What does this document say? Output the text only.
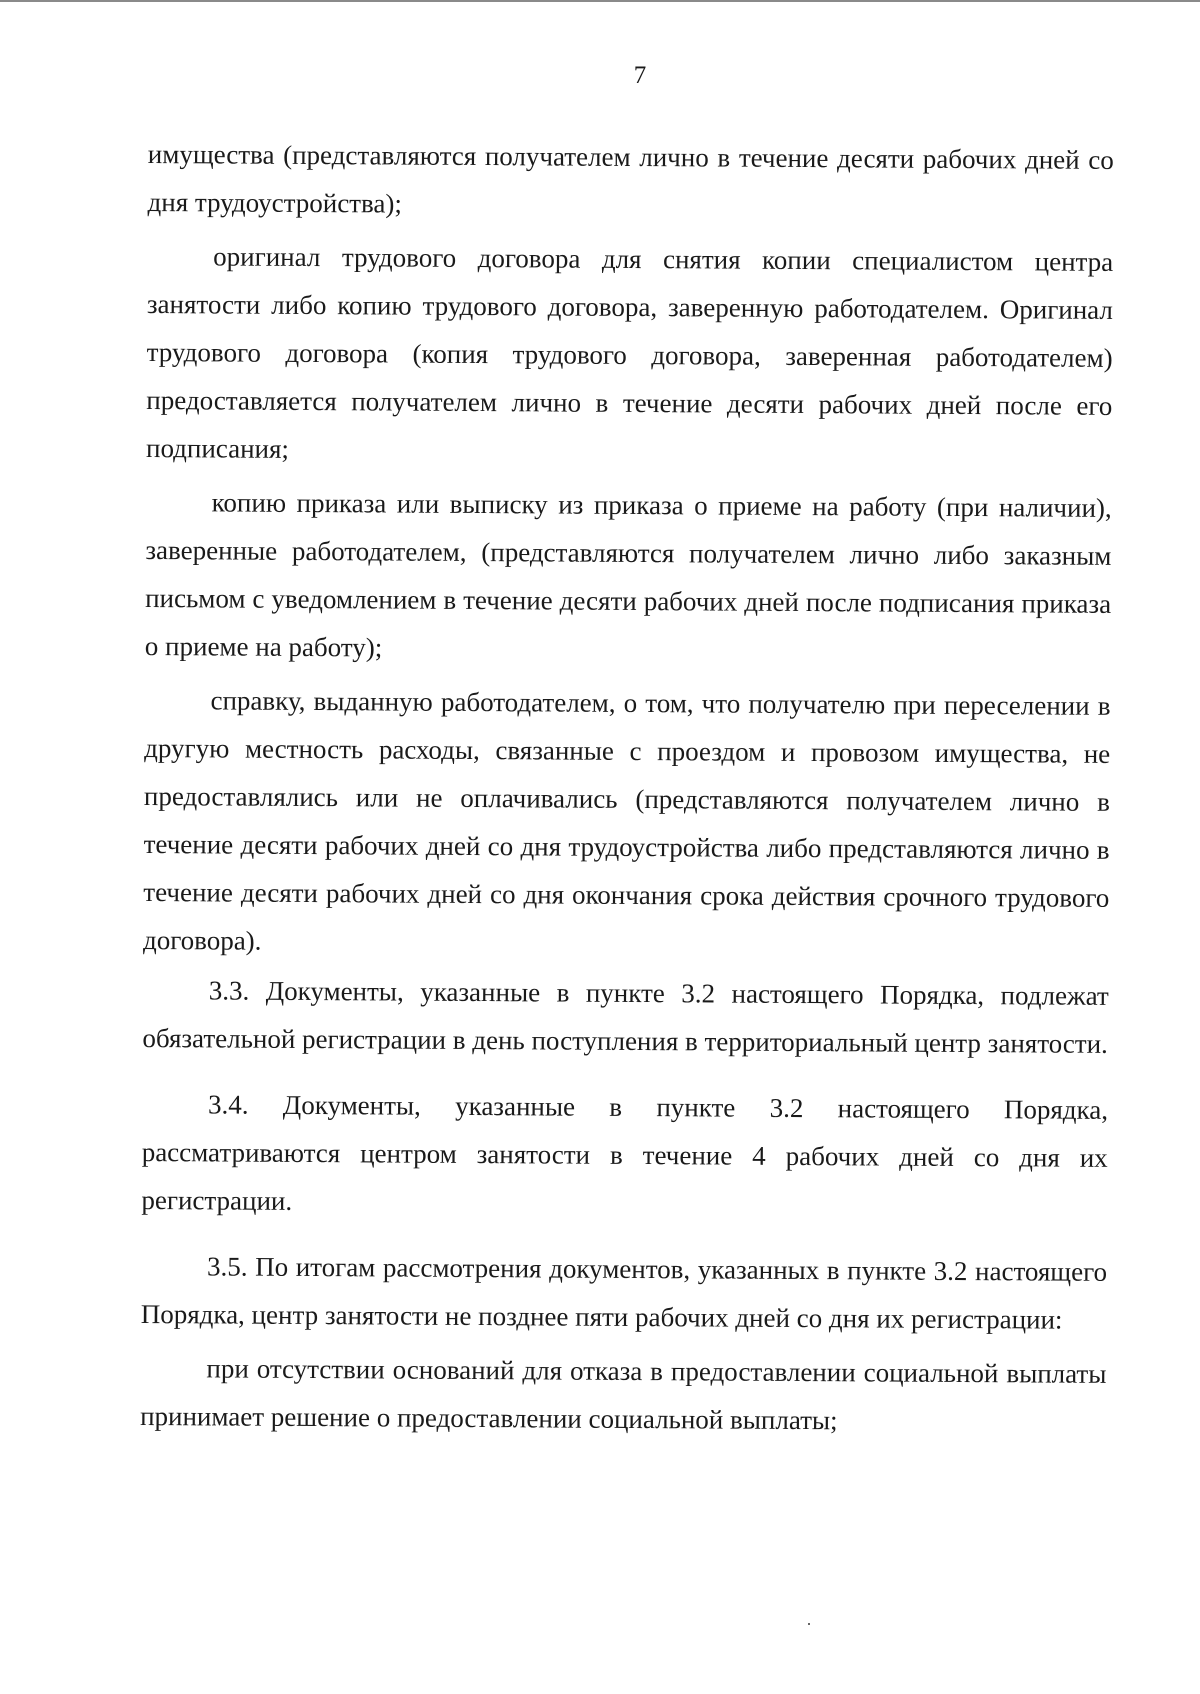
7

имущества (представляются получателем лично в течение десяти рабочих дней со дня трудоустройства);

оригинал трудового договора для снятия копии специалистом центра занятости либо копию трудового договора, заверенную работодателем. Оригинал трудового договора (копия трудового договора, заверенная работодателем) предоставляется получателем лично в течение десяти рабочих дней после его подписания;

копию приказа или выписку из приказа о приеме на работу (при наличии), заверенные работодателем, (представляются получателем лично либо заказным письмом с уведомлением в течение десяти рабочих дней после подписания приказа о приеме на работу);

справку, выданную работодателем, о том, что получателю при переселении в другую местность расходы, связанные с проездом и провозом имущества, не предоставлялись или не оплачивались (представляются получателем лично в течение десяти рабочих дней со дня трудоустройства либо представляются лично в течение десяти рабочих дней со дня окончания срока действия срочного трудового договора).

3.3. Документы, указанные в пункте 3.2 настоящего Порядка, подлежат обязательной регистрации в день поступления в территориальный центр занятости.

3.4. Документы, указанные в пункте 3.2 настоящего Порядка, рассматриваются центром занятости в течение 4 рабочих дней со дня их регистрации.

3.5. По итогам рассмотрения документов, указанных в пункте 3.2 настоящего Порядка, центр занятости не позднее пяти рабочих дней со дня их регистрации:

при отсутствии оснований для отказа в предоставлении социальной выплаты принимает решение о предоставлении социальной выплаты;
